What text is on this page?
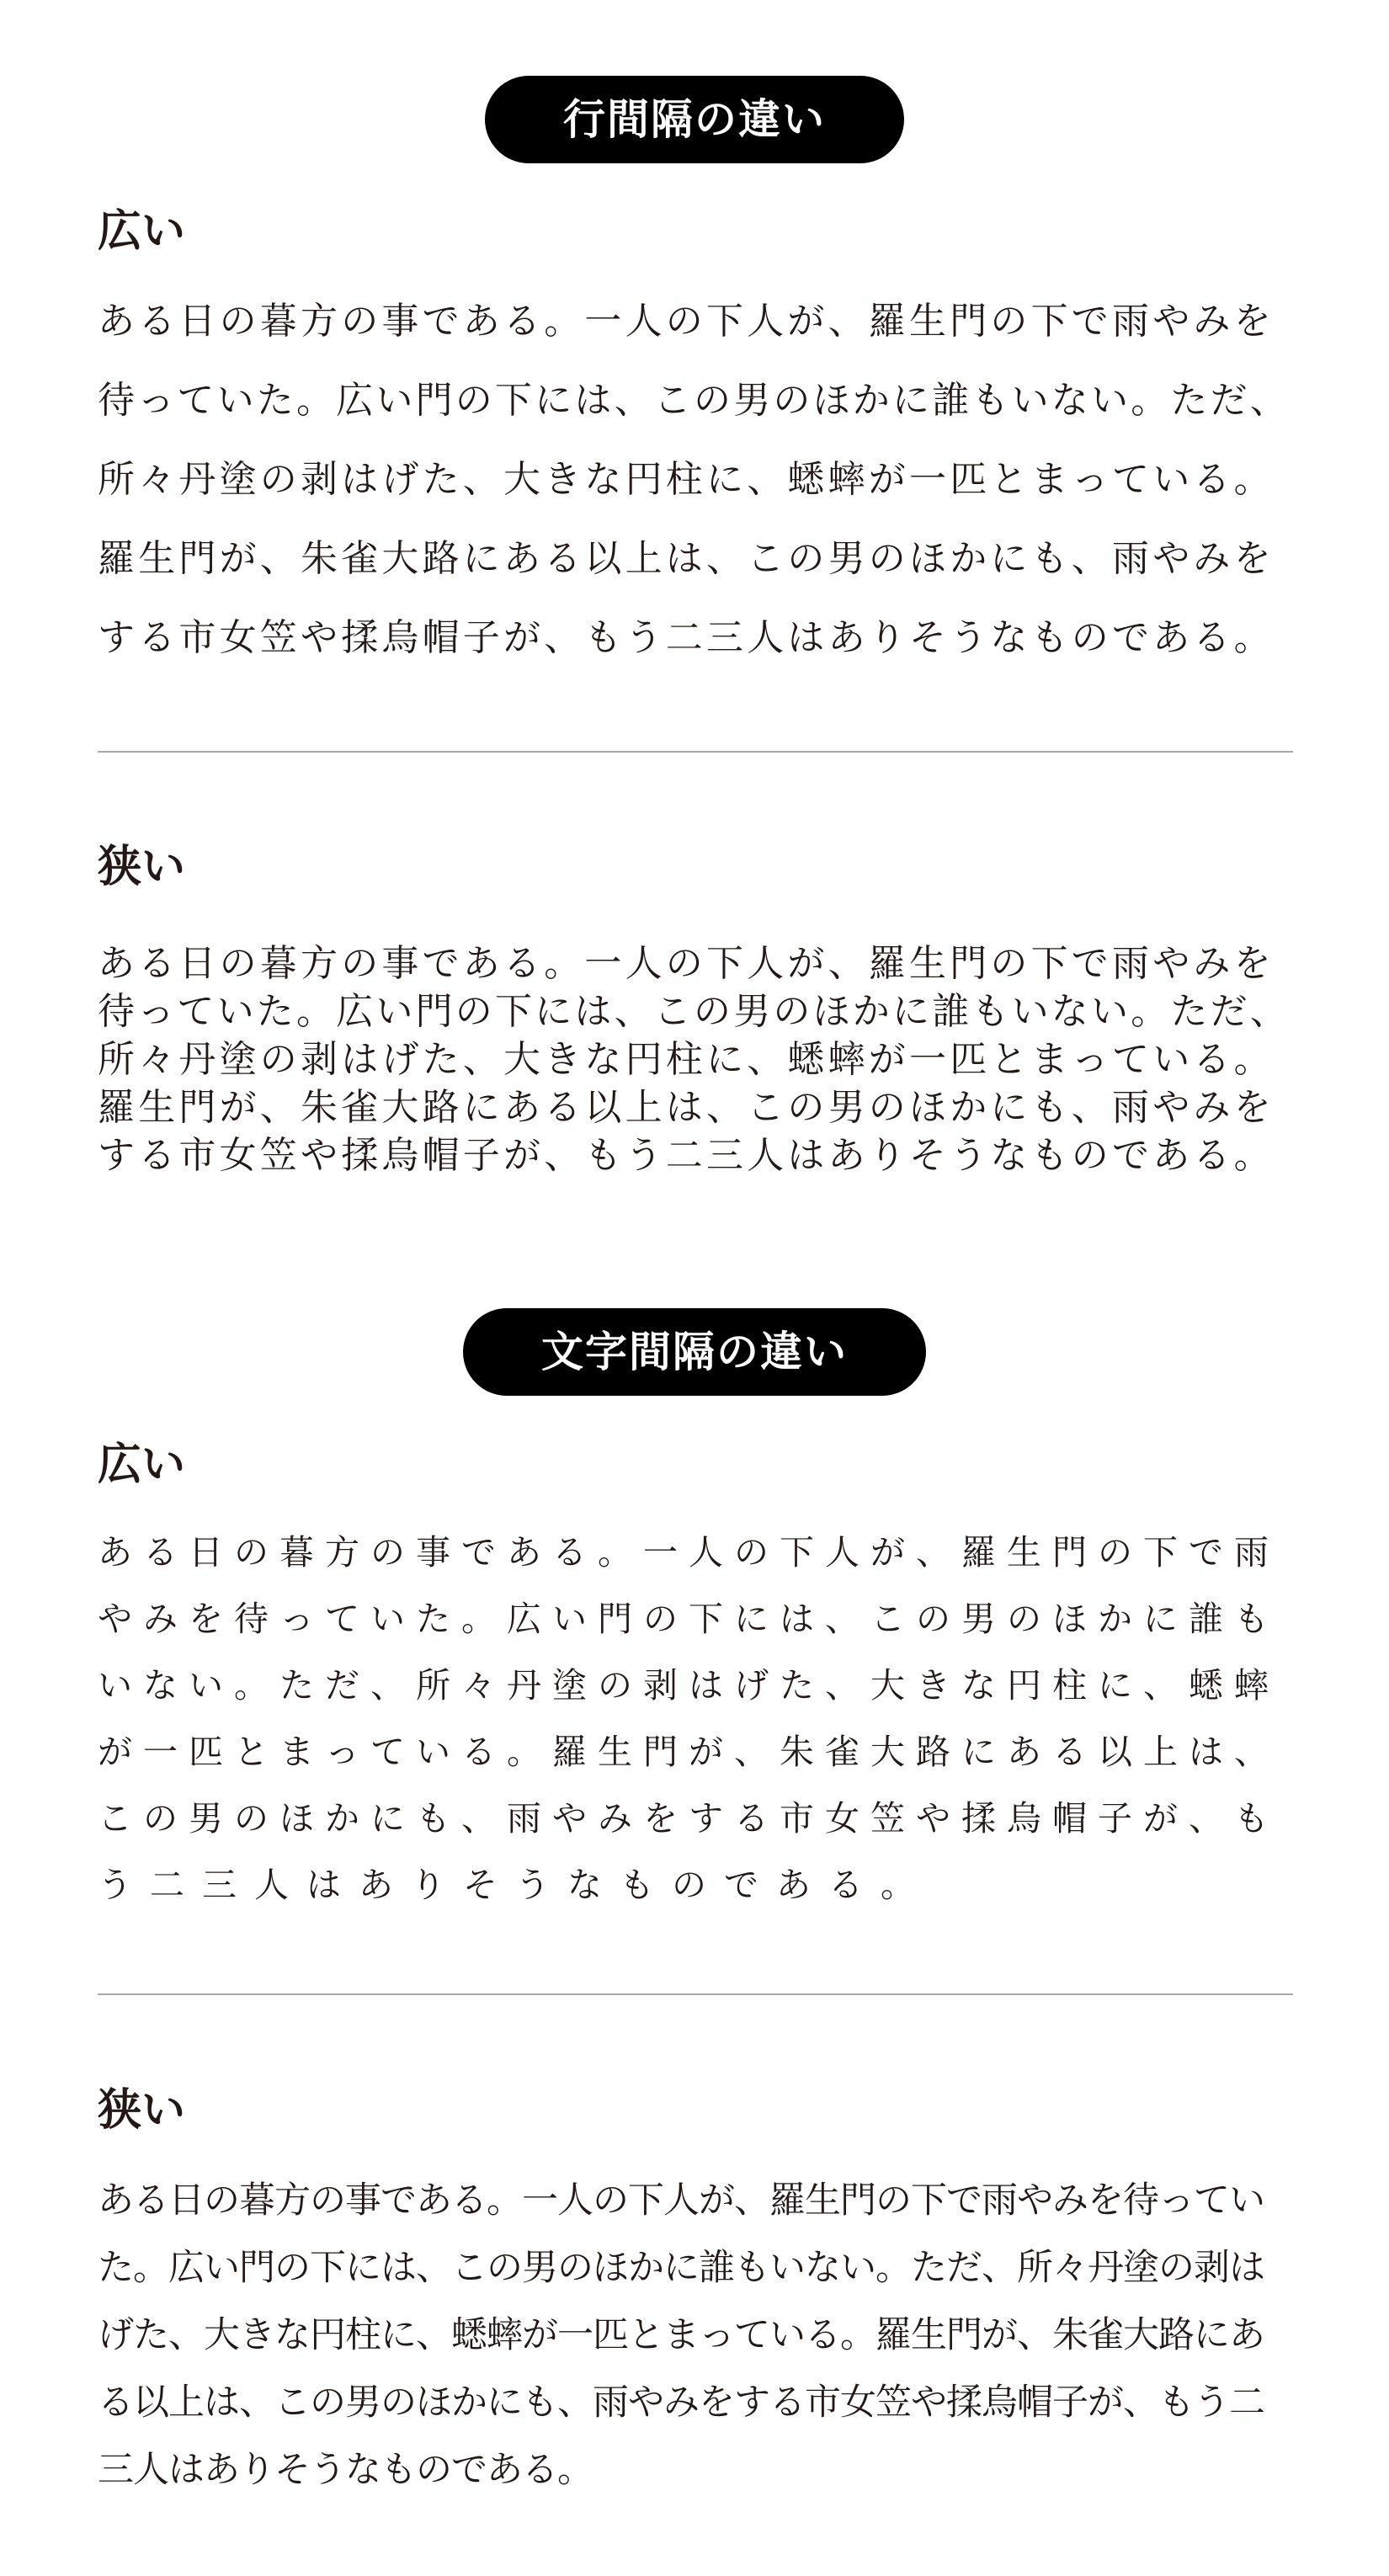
行間隔の違い
広い
ある日の暮方の事である。一人の下人が、羅生門の下で雨やみを
待っていた。広い門の下には、この男のほかに誰もいない。ただ、
所々丹塗の剥はげた、大きな円柱に、蟋蟀が一匹とまっている。
羅生門が、朱雀大路にある以上は、この男のほかにも、雨やみを
する市女笠や揉烏帽子が、もう二三人はありそうなものである。
狭い
ある日の暮方の事である。一人の下人が、羅生門の下で雨やみを
待っていた。広い門の下には、この男のほかに誰もいない。ただ、
所々丹塗の剥はげた、大きな円柱に、蟋蟀が一匹とまっている。
羅生門が、朱雀大路にある以上は、この男のほかにも、雨やみを
する市女笠や揉烏帽子が、もう二三人はありそうなものである。
文字間隔の違い
広い
ある日の暮方の事である。一人の下人が、羅生門の下で雨
やみを待っていた。広い門の下には、この男のほかに誰も
いない。ただ、所々丹塗の剥はげた、大きな円柱に、蟋蟀
が一匹とまっている。羅生門が、朱雀大路にある以上は、
この男のほかにも、雨やみをする市女笠や揉烏帽子が、も
う二三人はありそうなものである。
狭い
ある日の暮方の事である。一人の下人が、羅生門の下で雨やみを待ってい
た。広い門の下には、この男のほかに誰もいない。ただ、所々丹塗の剥は
げた、大きな円柱に、蟋蟀が一匹とまっている。羅生門が、朱雀大路にあ
る以上は、この男のほかにも、雨やみをする市女笠や揉烏帽子が、もう二
三人はありそうなものである。
